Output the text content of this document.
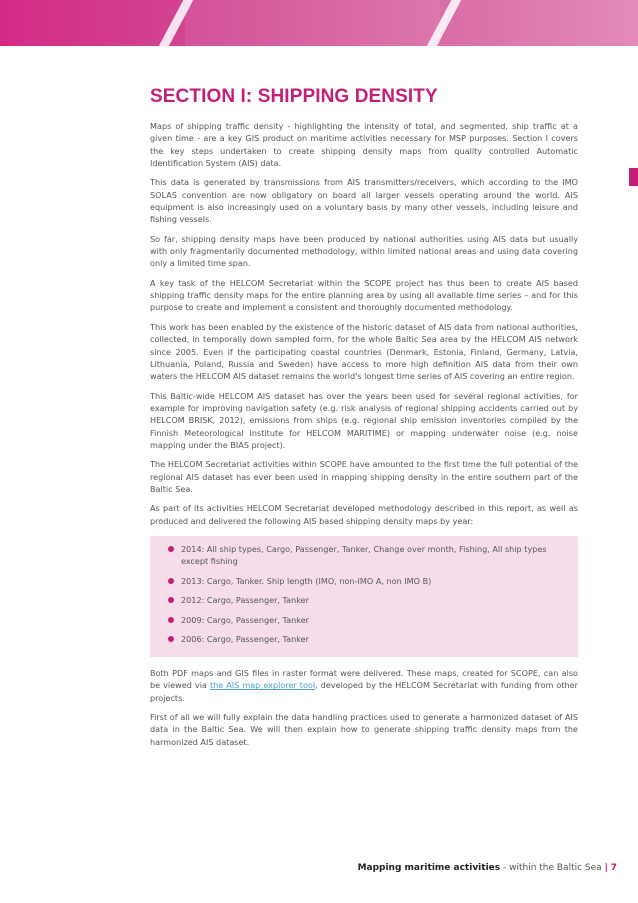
SECTION I: SHIPPING DENSITY

Maps of shipping traffic density - highlighting the intensity of total, and segmented, ship traffic at a given time - are a key GIS product on maritime activities necessary for MSP purposes. Section I covers the key steps undertaken to create shipping density maps from quality controlled Automatic Identification System (AIS) data.

This data is generated by transmissions from AIS transmitters/receivers, which according to the IMO SOLAS convention are now obligatory on board all larger vessels operating around the world. AIS equipment is also increasingly used on a voluntary basis by many other vessels, including leisure and fishing vessels.

So far, shipping density maps have been produced by national authorities using AIS data but usually with only fragmentarily documented methodology, within limited national areas and using data covering only a limited time span.

A key task of the HELCOM Secretariat within the SCOPE project has thus been to create AIS based shipping traffic density maps for the entire planning area by using all available time series – and for this purpose to create and implement a consistent and thoroughly documented methodology.

This work has been enabled by the existence of the historic dataset of AIS data from national authorities, collected, in temporally down sampled form, for the whole Baltic Sea area by the HELCOM AIS network since 2005. Even if the participating coastal countries (Denmark, Estonia, Finland, Germany, Latvia, Lithuania, Poland, Russia and Sweden) have access to more high definition AIS data from their own waters the HELCOM AIS dataset remains the world's longest time series of AIS covering an entire region.

This Baltic-wide HELCOM AIS dataset has over the years been used for several regional activities, for example for improving navigation safety (e.g. risk analysis of regional shipping accidents carried out by HELCOM BRISK, 2012), emissions from ships (e.g. regional ship emission inventories compiled by the Finnish Meteorological Institute for HELCOM MARITIME) or mapping underwater noise (e.g. noise mapping under the BIAS project).

The HELCOM Secretariat activities within SCOPE have amounted to the first time the full potential of the regional AIS dataset has ever been used in mapping shipping density in the entire southern part of the Baltic Sea.

As part of its activities HELCOM Secretariat developed methodology described in this report, as well as produced and delivered the following AIS based shipping density maps by year:

2014: All ship types, Cargo, Passenger, Tanker, Change over month, Fishing, All ship types except fishing
2013: Cargo, Tanker. Ship length (IMO, non-IMO A, non IMO B)
2012: Cargo, Passenger, Tanker
2009: Cargo, Passenger, Tanker
2006: Cargo, Passenger, Tanker

Both PDF maps and GIS files in raster format were delivered. These maps, created for SCOPE, can also be viewed via the AIS map explorer tool, developed by the HELCOM Secretariat with funding from other projects.

First of all we will fully explain the data handling practices used to generate a harmonized dataset of AIS data in the Baltic Sea. We will then explain how to generate shipping traffic density maps from the harmonized AIS dataset.

Mapping maritime activities - within the Baltic Sea | 7
